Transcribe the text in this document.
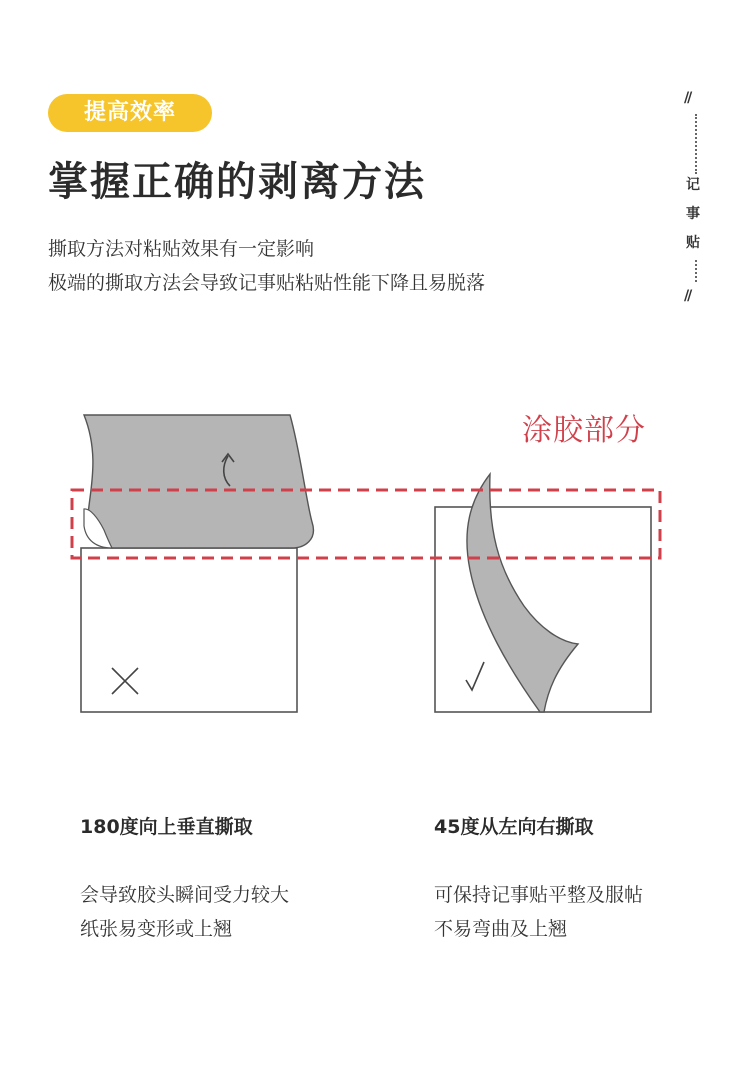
提高效率
掌握正确的剥离方法
撕取方法对粘贴效果有一定影响
极端的撕取方法会导致记事贴粘贴性能下降且易脱落
//
记
事
贴
//
涂胶部分
180度向上垂直撕取	45度从左向右撕取
会导致胶头瞬间受力较大
纸张易变形或上翘
可保持记事贴平整及服帖
不易弯曲及上翘
